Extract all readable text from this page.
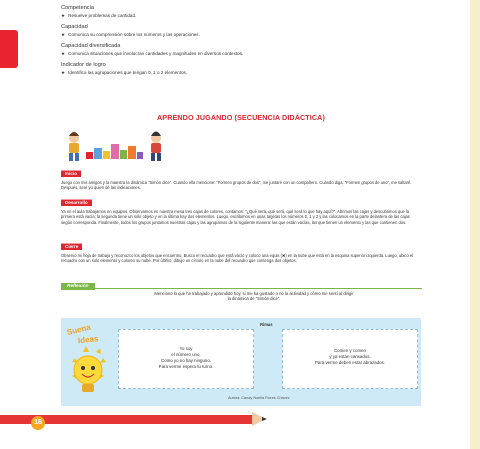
Competencia
★ Resuelve problemas de cantidad.
Capacidad
★ Comunica su comprensión sobre los números y las operaciones.
Capacidad diversificada
★ Comunica situaciones que involucran cantidades y magnitudes en diversos contextos.
Indicador de logro
★ Identifica las agrupaciones que tengan 0, 1 o 2 elementos.
APRENDO JUGANDO (SECUENCIA DIDÁCTICA)
Inicio
Juego con mis amigos y la maestra la dinámica “Simón dice”. Cuando ella mencione: “Formen grupos de dos”, me juntaré con un compañero. Cuando diga: “Formen grupos de uno”, me saltaré. Después, seré yo quien dé las indicaciones.
Desarrollo
Ya en el aula trabajamos en equipos. Observamos en nuestra mesa tres cajas de colores, contamos: “¿Qué será, qué será, qué será lo que hay aquí?”. Abrimos las cajas y descubrimos que la primera está vacía; la segunda tiene un solo objeto y en la última hay dos elementos. Luego, escribimos en unas tarjetas los números 0, 1 y 2 y las colocamos en la parte delantera de las cajas según corresponda. Finalmente, todos los grupos juntamos nuestras cajas y las agrupamos de la siguiente manera: las que están vacías, las que tienen un elemento y las que contienen dos.
Cierre
Observo mi hoja de trabajo y reconozco los objetos que encuentro. Busco el recuadro que está vacío y coloco una equis (✖) en la nube que está en la esquina superior izquierda. Luego, ubico el recuadro con un solo elemento y coloreo su nube. Por último, dibujo un círculo en la nube del recuadro que contenga dos objetos.
Reflexión
Menciono lo que he trabajado y aprendido hoy, si me ha gustado o no la actividad y cómo me sentí al dirigir
la dinámica de “Simón dice”.
Suena
Ideas
Rimas
Yo soy
el número uno.
Como yo no hay ninguno.
Para verme espera tu turno.
Comen y comen
y ya están cansados.
Para verme deben estar abrazados.
Autora: Candy Noelia Flores Chávez
18
